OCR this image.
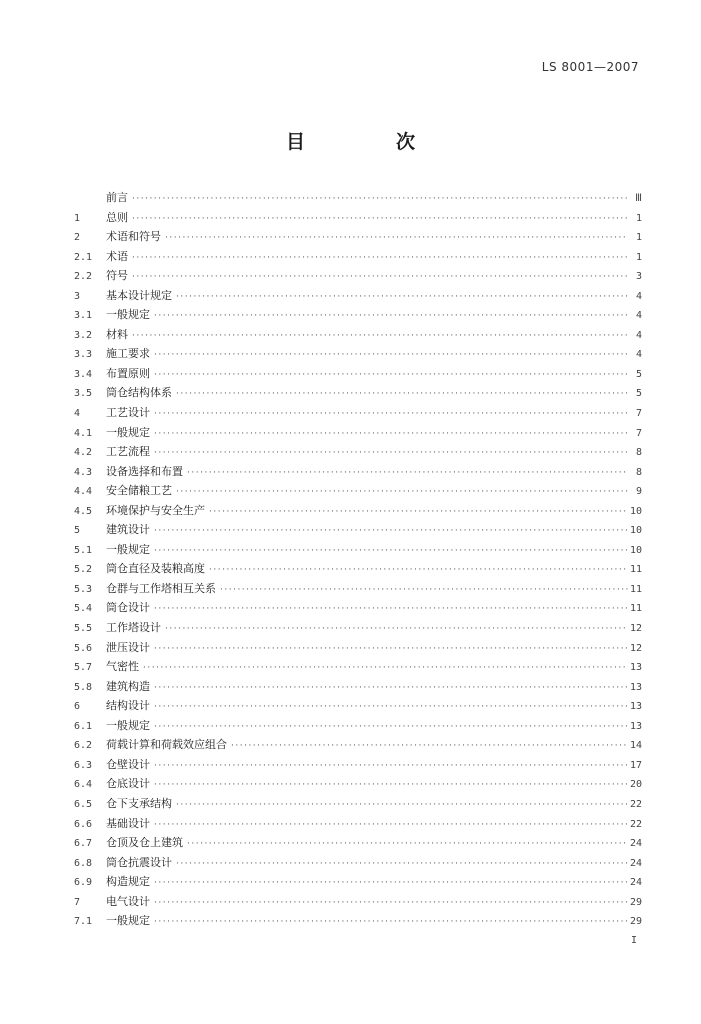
LS 8001—2007
目　次
前言 ·····	Ⅲ
1	总则 ·····	1
2	术语和符号 ·····	1
2.1	术语 ·····	1
2.2	符号 ·····	3
3	基本设计规定 ·····	4
3.1	一般规定 ·····	4
3.2	材料 ·····	4
3.3	施工要求 ·····	4
3.4	布置原则 ·····	5
3.5	筒仓结构体系 ·····	5
4	工艺设计 ·····	7
4.1	一般规定 ·····	7
4.2	工艺流程 ·····	8
4.3	设备选择和布置 ·····	8
4.4	安全储粮工艺 ·····	9
4.5	环境保护与安全生产 ·····	10
5	建筑设计 ·····	10
5.1	一般规定 ·····	10
5.2	筒仓直径及装粮高度 ·····	11
5.3	仓群与工作塔相互关系 ·····	11
5.4	筒仓设计 ·····	11
5.5	工作塔设计 ·····	12
5.6	泄压设计 ·····	12
5.7	气密性 ·····	13
5.8	建筑构造 ·····	13
6	结构设计 ·····	13
6.1	一般规定 ·····	13
6.2	荷载计算和荷载效应组合 ·····	14
6.3	仓壁设计 ·····	17
6.4	仓底设计 ·····	20
6.5	仓下支承结构 ·····	22
6.6	基础设计 ·····	22
6.7	仓顶及仓上建筑 ·····	24
6.8	筒仓抗震设计 ·····	24
6.9	构造规定 ·····	24
7	电气设计 ·····	29
7.1	一般规定 ·····	29
I
